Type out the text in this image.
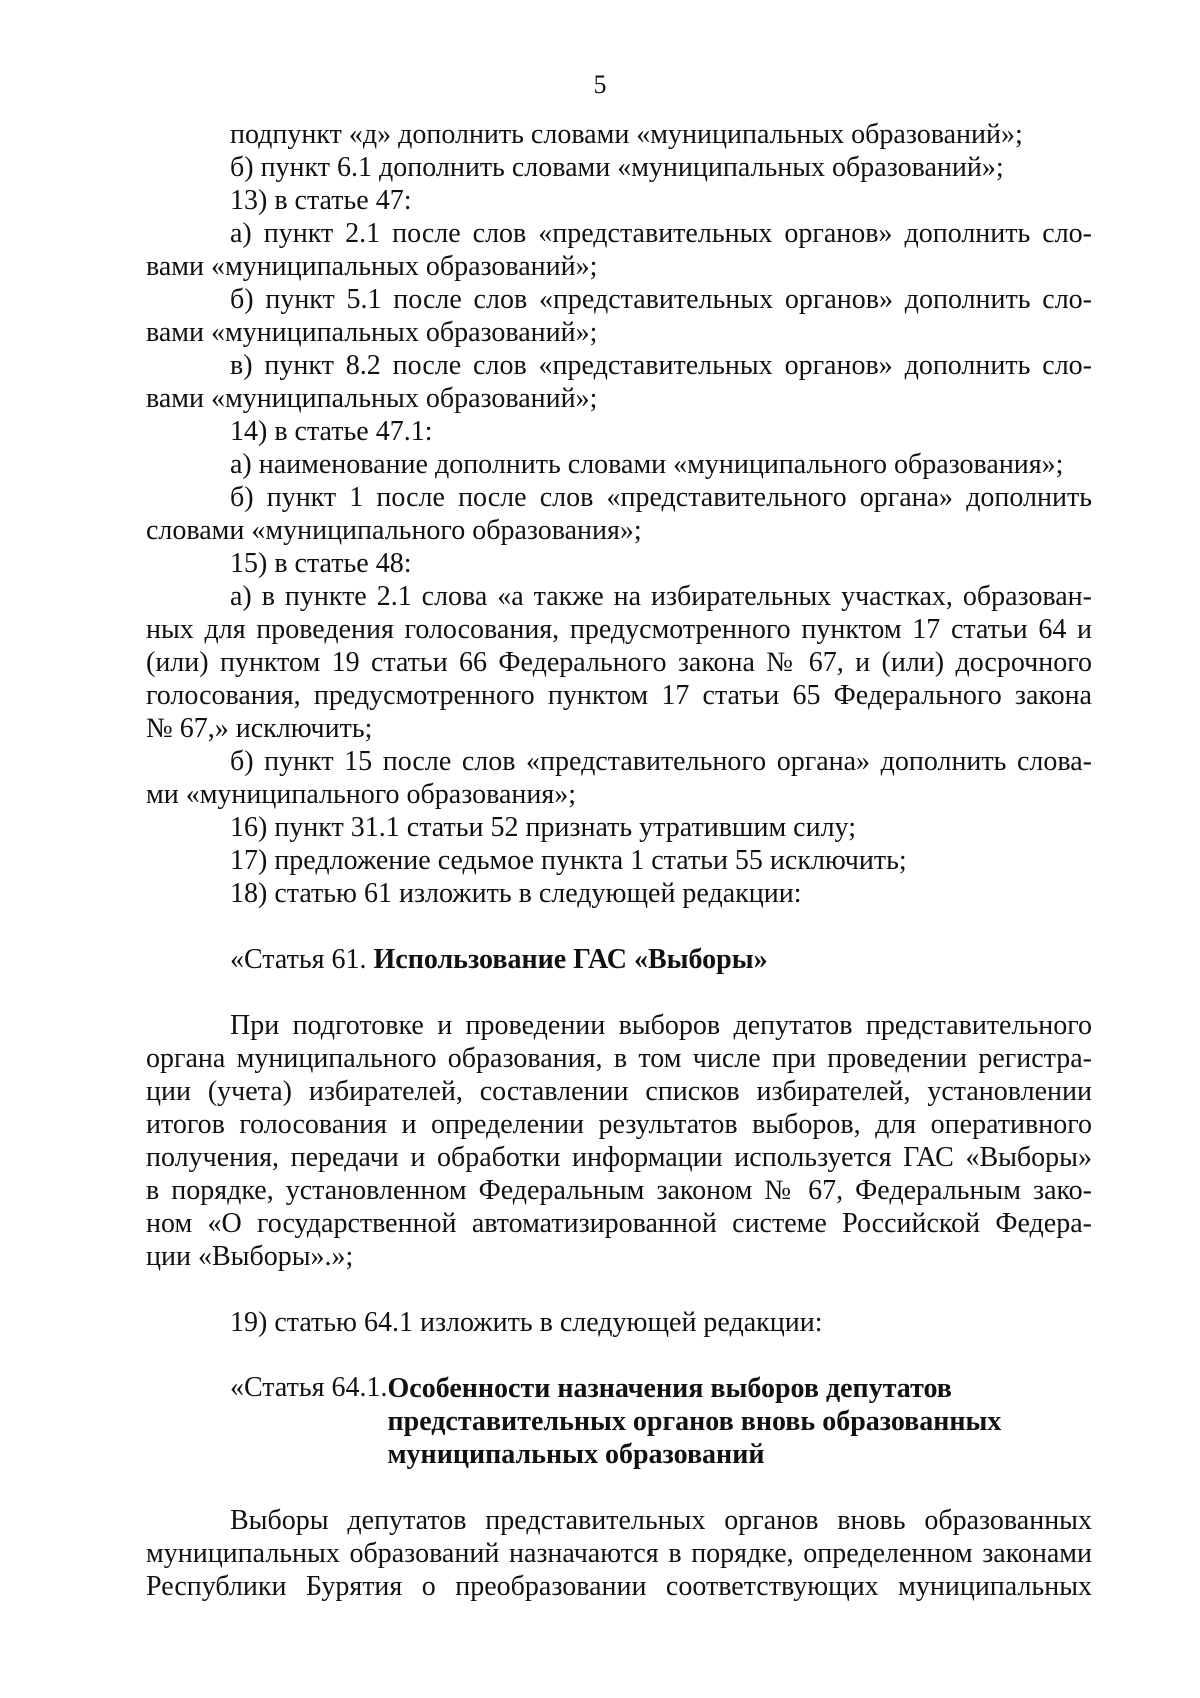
5

подпункт «д» дополнить словами «муниципальных образований»;

б) пункт 6.1 дополнить словами «муниципальных образований»;

13) в статье 47:

а) пункт 2.1 после слов «представительных органов» дополнить сло-
вами «муниципальных образований»;

б) пункт 5.1 после слов «представительных органов» дополнить сло-
вами «муниципальных образований»;

в) пункт 8.2 после слов «представительных органов» дополнить сло-
вами «муниципальных образований»;

14) в статье 47.1:

а) наименование дополнить словами «муниципального образования»;

б) пункт 1 после после слов «представительного органа» дополнить
словами «муниципального образования»;

15) в статье 48:

а) в пункте 2.1 слова «а также на избирательных участках, образован-
ных для проведения голосования, предусмотренного пунктом 17 статьи 64 и
(или) пунктом 19 статьи 66 Федерального закона № 67, и (или) досрочного
голосования, предусмотренного пунктом 17 статьи 65 Федерального закона
№ 67,» исключить;

б) пункт 15 после слов «представительного органа» дополнить слова-
ми «муниципального образования»;

16) пункт 31.1 статьи 52 признать утратившим силу;

17) предложение седьмое пункта 1 статьи 55 исключить;

18) статью 61 изложить в следующей редакции:

«Статья 61. Использование ГАС «Выборы»

При подготовке и проведении выборов депутатов представительного
органа муниципального образования, в том числе при проведении регистра-
ции (учета) избирателей, составлении списков избирателей, установлении
итогов голосования и определении результатов выборов, для оперативного
получения, передачи и обработки информации используется ГАС «Выборы»
в порядке, установленном Федеральным законом № 67, Федеральным зако-
ном «О государственной автоматизированной системе Российской Федера-
ции «Выборы».»;

19) статью 64.1 изложить в следующей редакции:

«Статья 64.1. Особенности назначения выборов депутатов

представительных органов вновь образованных

муниципальных образований

Выборы депутатов представительных органов вновь образованных
муниципальных образований назначаются в порядке, определенном законами
Республики Бурятия о преобразовании соответствующих муниципальных
